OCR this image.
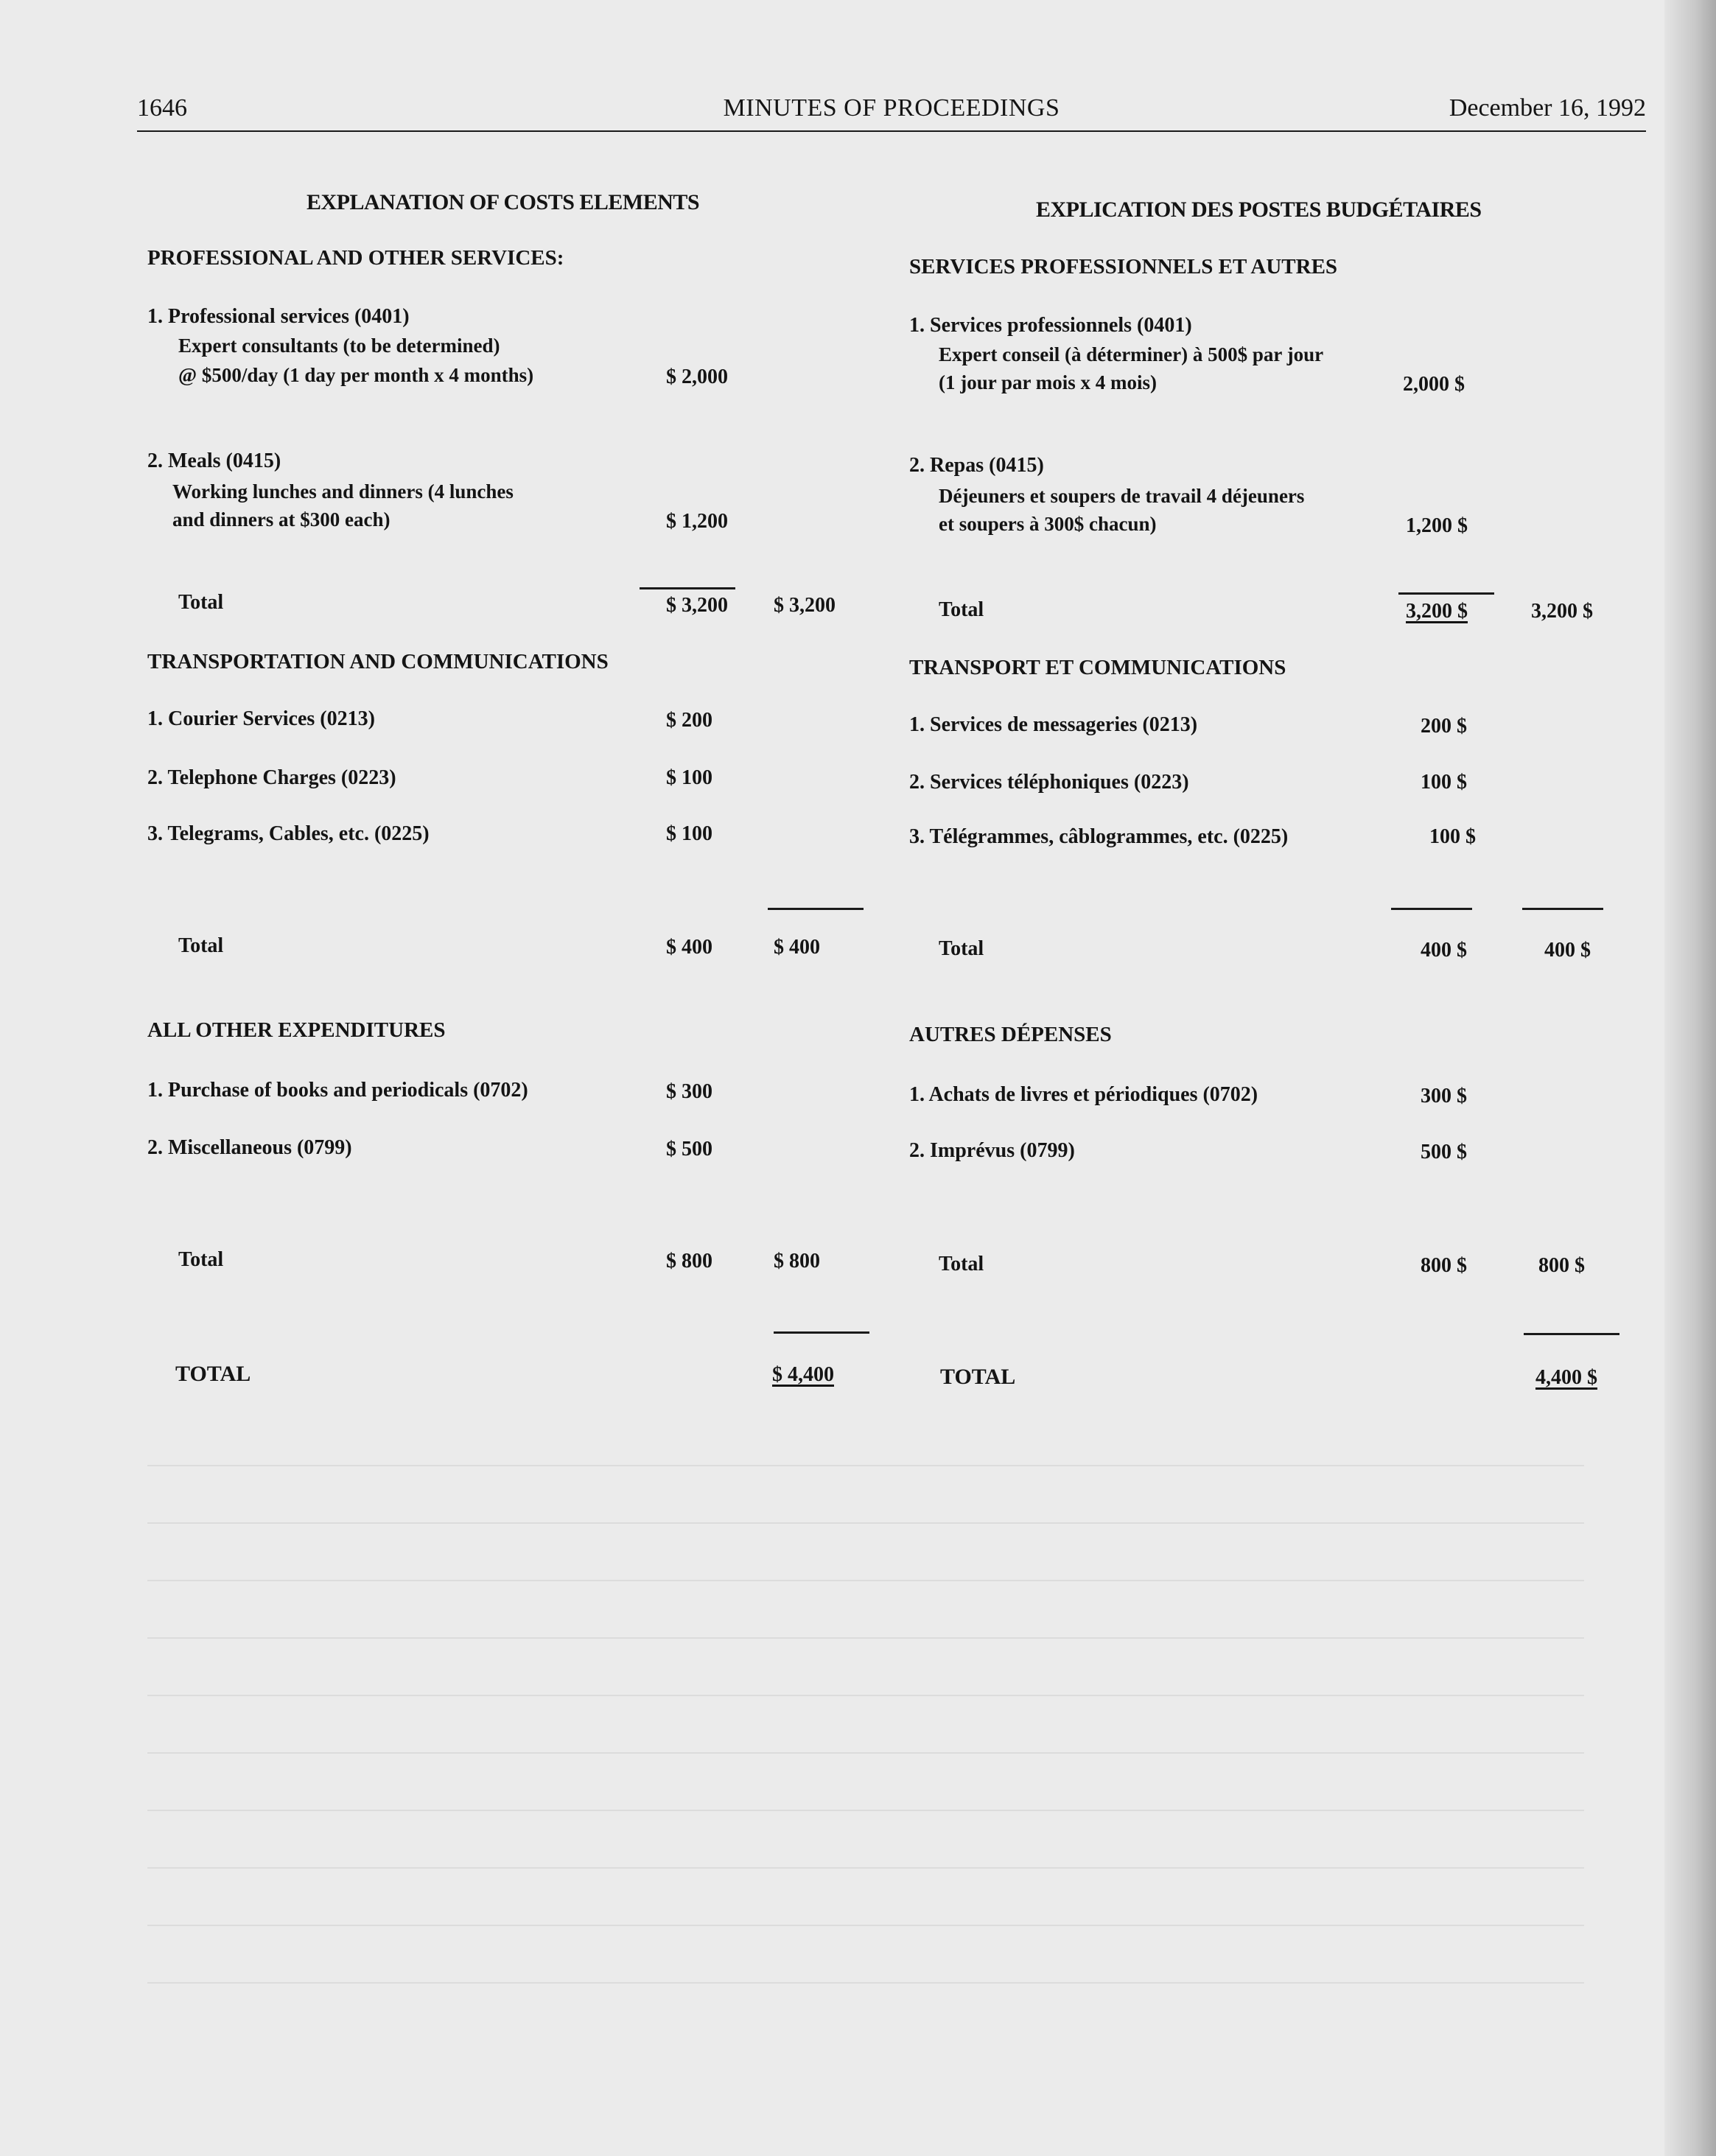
1646	MINUTES OF PROCEEDINGS	December 16, 1992
EXPLANATION OF COSTS ELEMENTS
PROFESSIONAL AND OTHER SERVICES:
1. Professional services (0401)
Expert consultants (to be determined)
@ $500/day (1 day per month x 4 months)	$ 2,000
2. Meals (0415)
Working lunches and dinners (4 lunches
and dinners at $300 each)	$ 1,200
Total	$ 3,200 $ 3,200
TRANSPORTATION AND COMMUNICATIONS
1. Courier Services (0213)	$ 200
2. Telephone Charges (0223)	$ 100
3. Telegrams, Cables, etc. (0225)	$ 100
Total	$ 400	$ 400
ALL OTHER EXPENDITURES
1. Purchase of books and periodicals (0702)	$ 300
2. Miscellaneous (0799)	$ 500
Total	$ 800	$ 800
TOTAL	$ 4,400
EXPLICATION DES POSTES BUDGÉTAIRES
SERVICES PROFESSIONNELS ET AUTRES
1. Services professionnels (0401)
Expert conseil (à déterminer) à 500$ par jour
(1 jour par mois x 4 mois)	2,000 $
2. Repas (0415)
Déjeuners et soupers de travail 4 déjeuners
et soupers à 300$ chacun)	1,200 $
Total	3,200 $	3,200 $
TRANSPORT ET COMMUNICATIONS
1. Services de messageries (0213)	200 $
2. Services téléphoniques (0223)	100 $
3. Télégrammes, câblogrammes, etc. (0225)	100 $
Total	400 $	400 $
AUTRES DÉPENSES
1. Achats de livres et périodiques (0702)	300 $
2. Imprévus (0799)	500 $
Total	800 $	800 $
TOTAL	4,400 $
